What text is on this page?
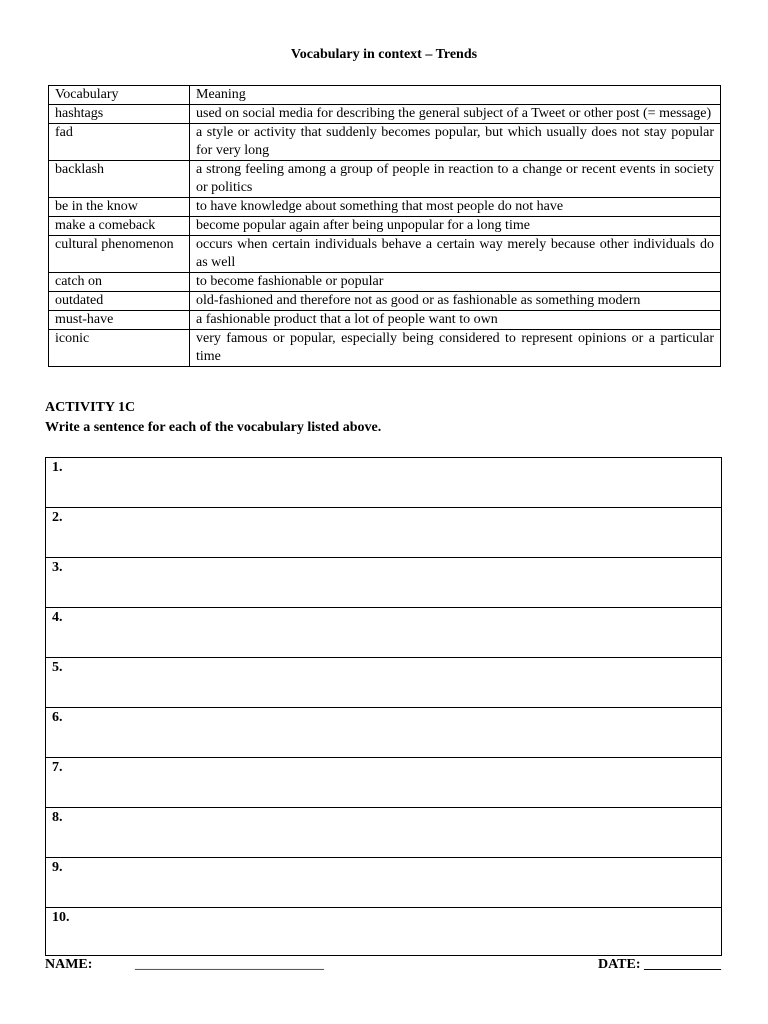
Vocabulary in context – Trends
Vocabulary	Meaning
hashtags	used on social media for describing the general subject of a Tweet or other post (= message)
fad	a style or activity that suddenly becomes popular, but which usually does not stay popular for very long
backlash	a strong feeling among a group of people in reaction to a change or recent events in society or politics
be in the know	to have knowledge about something that most people do not have
make a comeback	become popular again after being unpopular for a long time
cultural phenomenon	occurs when certain individuals behave a certain way merely because other individuals do as well
catch on	to become fashionable or popular
outdated	old-fashioned and therefore not as good or as fashionable as something modern
must-have	a fashionable product that a lot of people want to own
iconic	very famous or popular, especially being considered to represent opinions or a particular time
ACTIVITY 1C
Write a sentence for each of the vocabulary listed above.
1.
2.
3.
4.
5.
6.
7.
8.
9.
10.
NAME:	___________________________	DATE: ___________
